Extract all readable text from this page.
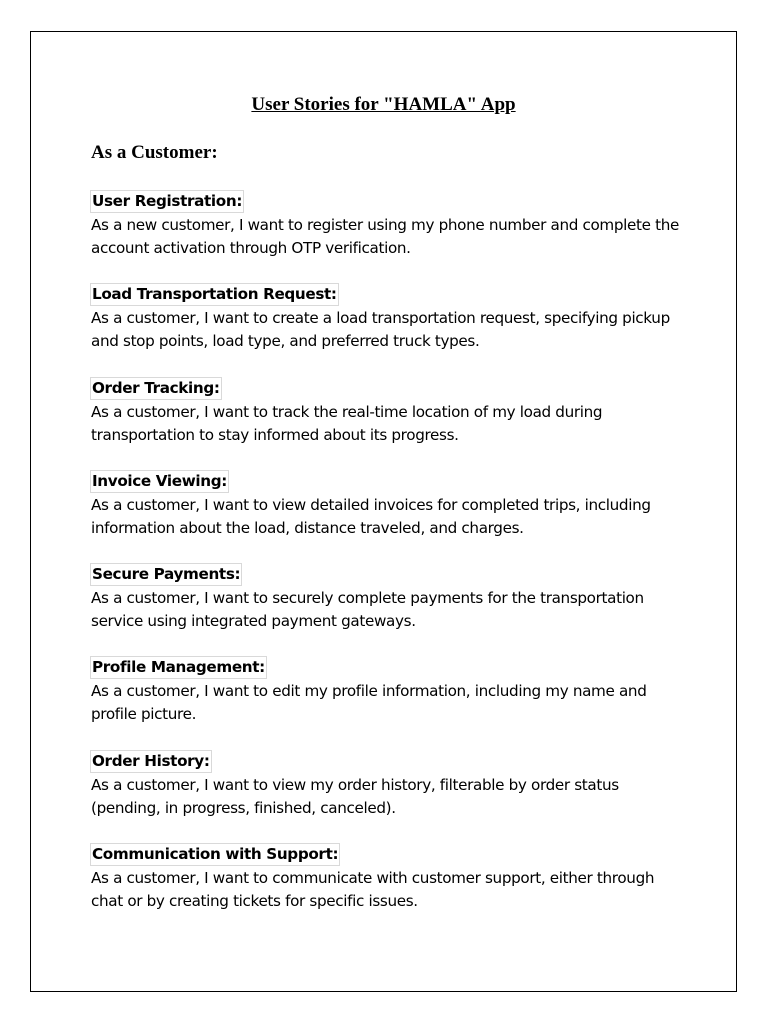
User Stories for "HAMLA" App
As a Customer:
User Registration:
As a new customer, I want to register using my phone number and complete the account activation through OTP verification.
Load Transportation Request:
As a customer, I want to create a load transportation request, specifying pickup and stop points, load type, and preferred truck types.
Order Tracking:
As a customer, I want to track the real-time location of my load during transportation to stay informed about its progress.
Invoice Viewing:
As a customer, I want to view detailed invoices for completed trips, including information about the load, distance traveled, and charges.
Secure Payments:
As a customer, I want to securely complete payments for the transportation service using integrated payment gateways.
Profile Management:
As a customer, I want to edit my profile information, including my name and profile picture.
Order History:
As a customer, I want to view my order history, filterable by order status (pending, in progress, finished, canceled).
Communication with Support:
As a customer, I want to communicate with customer support, either through chat or by creating tickets for specific issues.
